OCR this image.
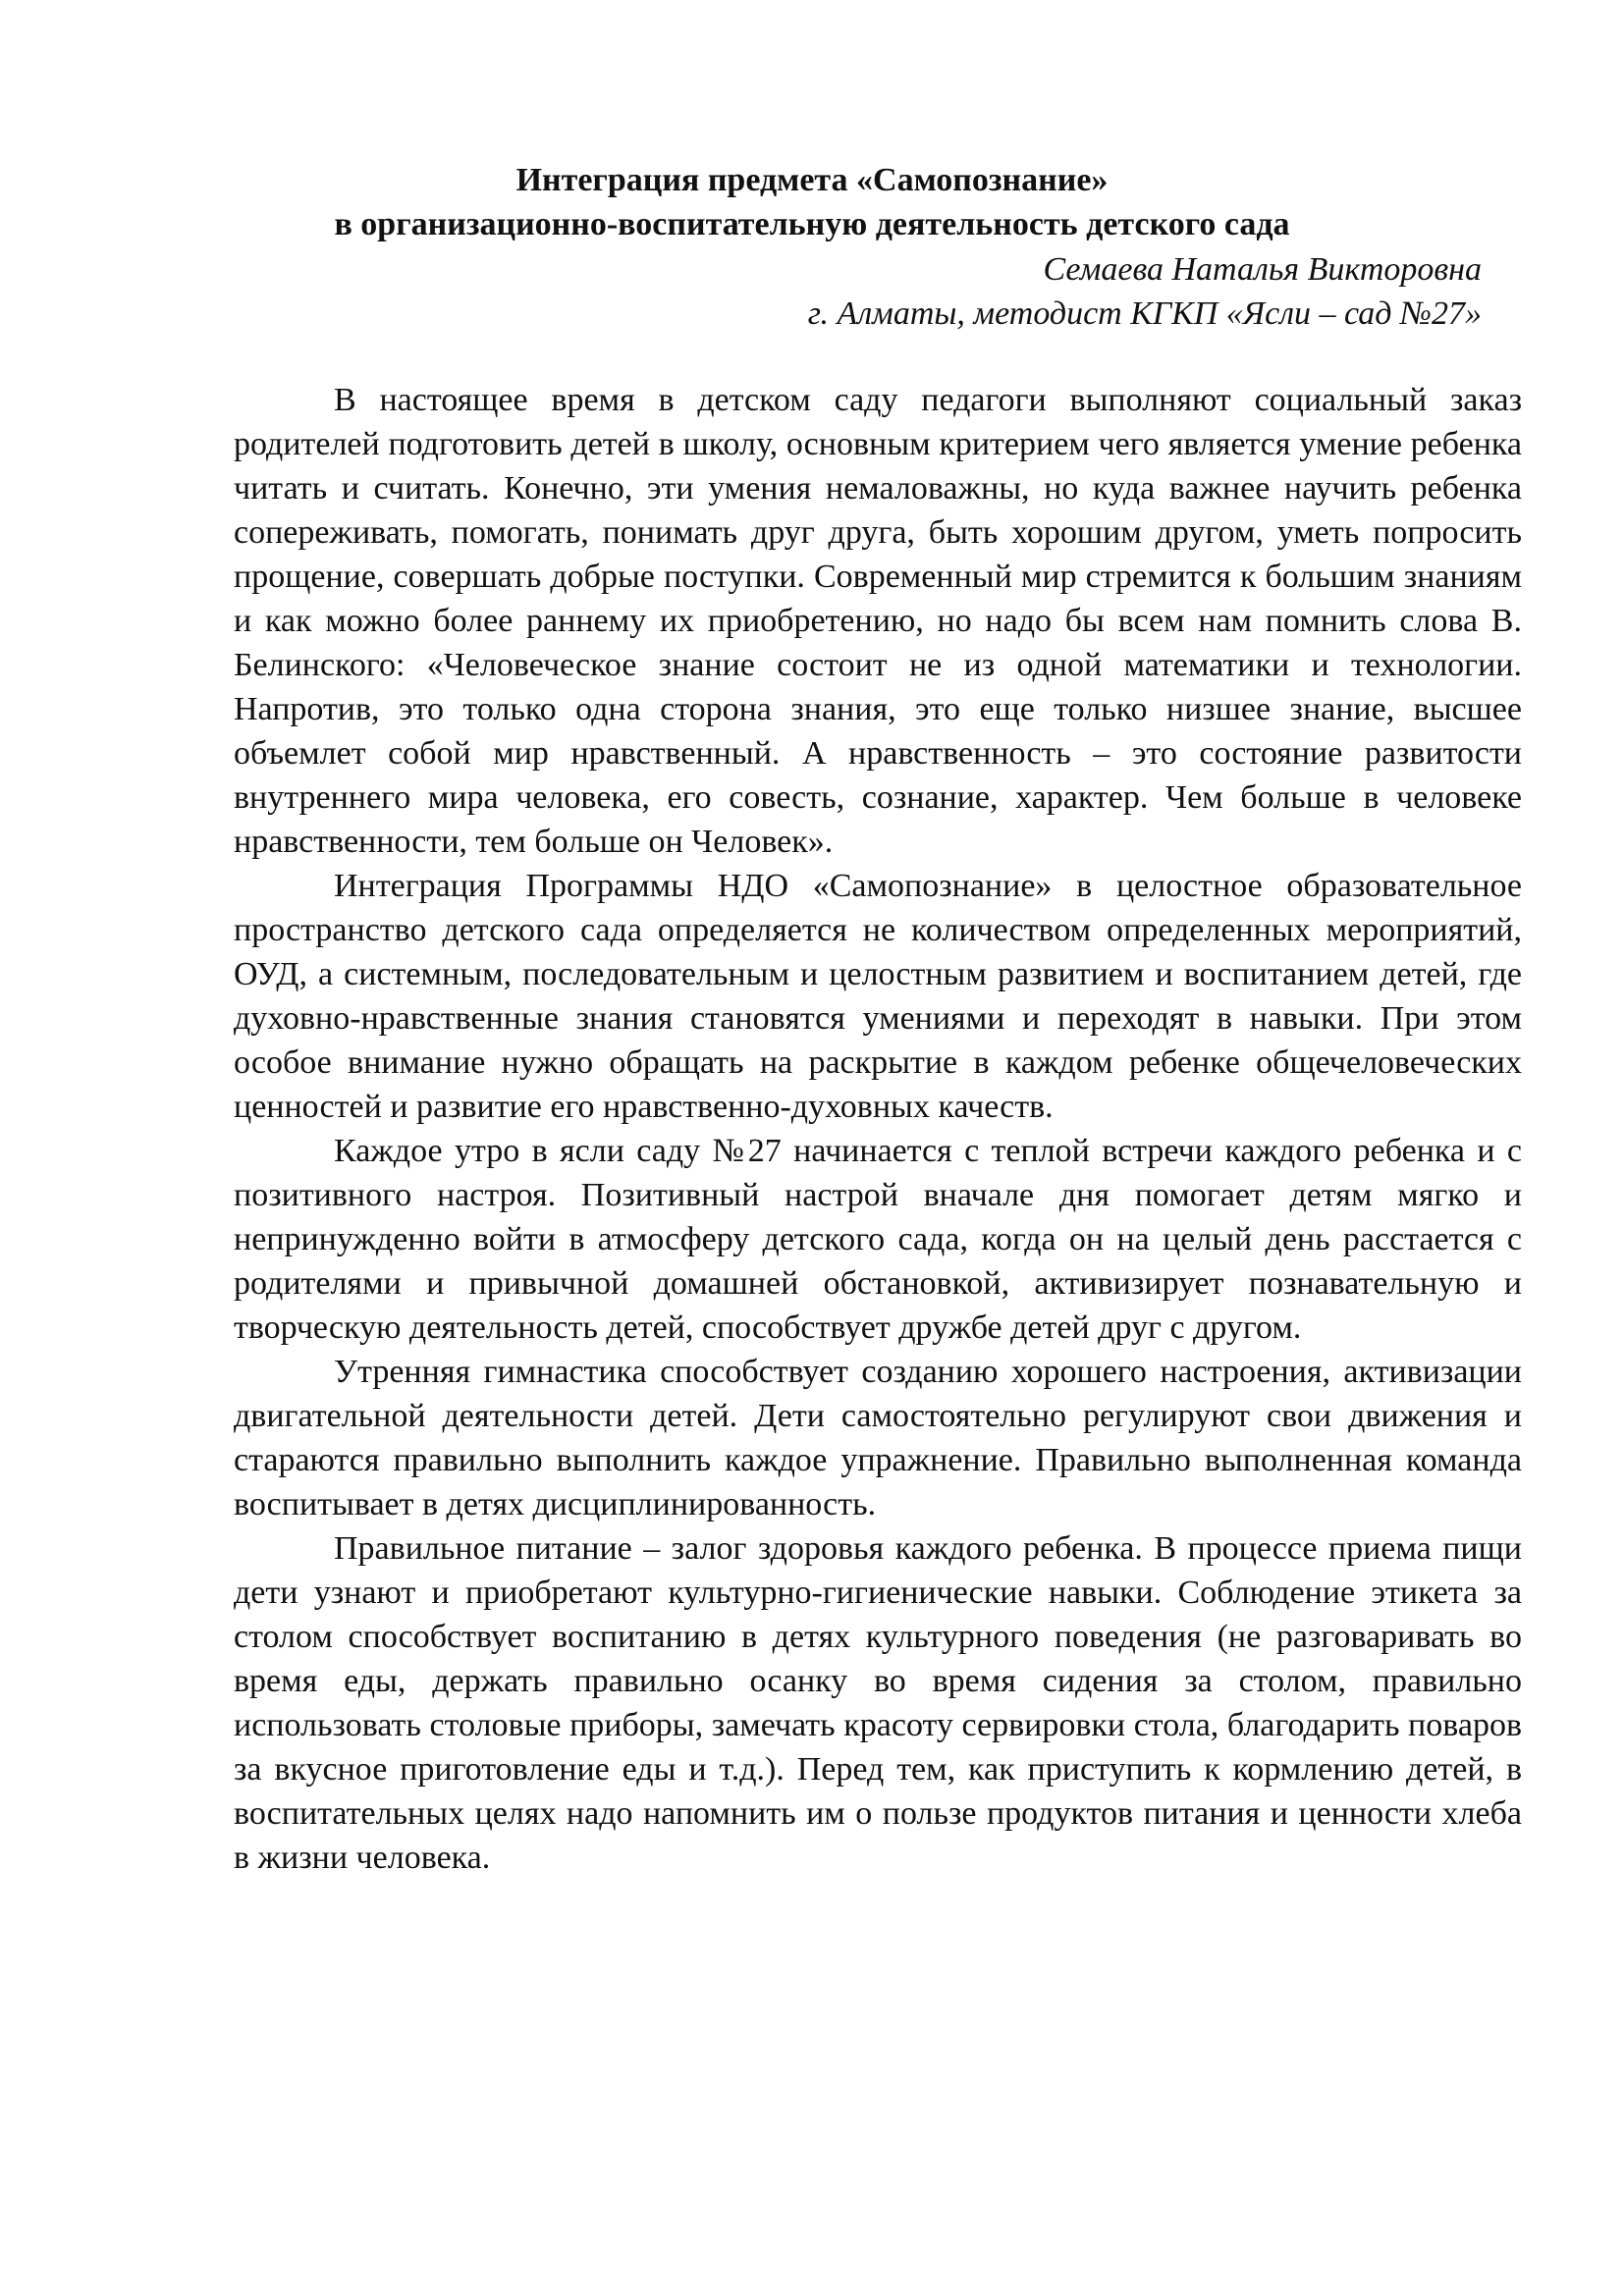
Интеграция предмета «Самопознание»
в организационно-воспитательную деятельность детского сада
Семаева Наталья Викторовна
г. Алматы, методист КГКП «Ясли – сад №27»

В настоящее время в детском саду педагоги выполняют социальный заказ родителей подготовить детей в школу, основным критерием чего является умение ребенка читать и считать. Конечно, эти умения немаловажны, но куда важнее научить ребенка сопереживать, помогать, понимать друг друга, быть хорошим другом, уметь попросить прощение, совершать добрые поступки. Современный мир стремится к большим знаниям и как можно более раннему их приобретению, но надо бы всем нам помнить слова В. Белинского: «Человеческое знание состоит не из одной математики и технологии. Напротив, это только одна сторона знания, это еще только низшее знание, высшее объемлет собой мир нравственный. А нравственность – это состояние развитости внутреннего мира человека, его совесть, сознание, характер. Чем больше в человеке нравственности, тем больше он Человек».

Интеграция Программы НДО «Самопознание» в целостное образовательное пространство детского сада определяется не количеством определенных мероприятий, ОУД, а системным, последовательным и целостным развитием и воспитанием детей, где духовно-нравственные знания становятся умениями и переходят в навыки. При этом особое внимание нужно обращать на раскрытие в каждом ребенке общечеловеческих ценностей и развитие его нравственно-духовных качеств.

Каждое утро в ясли саду №27 начинается с теплой встречи каждого ребенка и с позитивного настроя. Позитивный настрой вначале дня помогает детям мягко и непринужденно войти в атмосферу детского сада, когда он на целый день расстается с родителями и привычной домашней обстановкой, активизирует познавательную и творческую деятельность детей, способствует дружбе детей друг с другом.

Утренняя гимнастика способствует созданию хорошего настроения, активизации двигательной деятельности детей. Дети самостоятельно регулируют свои движения и стараются правильно выполнить каждое упражнение. Правильно выполненная команда воспитывает в детях дисциплинированность.

Правильное питание – залог здоровья каждого ребенка. В процессе приема пищи дети узнают и приобретают культурно-гигиенические навыки. Соблюдение этикета за столом способствует воспитанию в детях культурного поведения (не разговаривать во время еды, держать правильно осанку во время сидения за столом, правильно использовать столовые приборы, замечать красоту сервировки стола, благодарить поваров за вкусное приготовление еды и т.д.). Перед тем, как приступить к кормлению детей, в воспитательных целях надо напомнить им о пользе продуктов питания и ценности хлеба в жизни человека.
